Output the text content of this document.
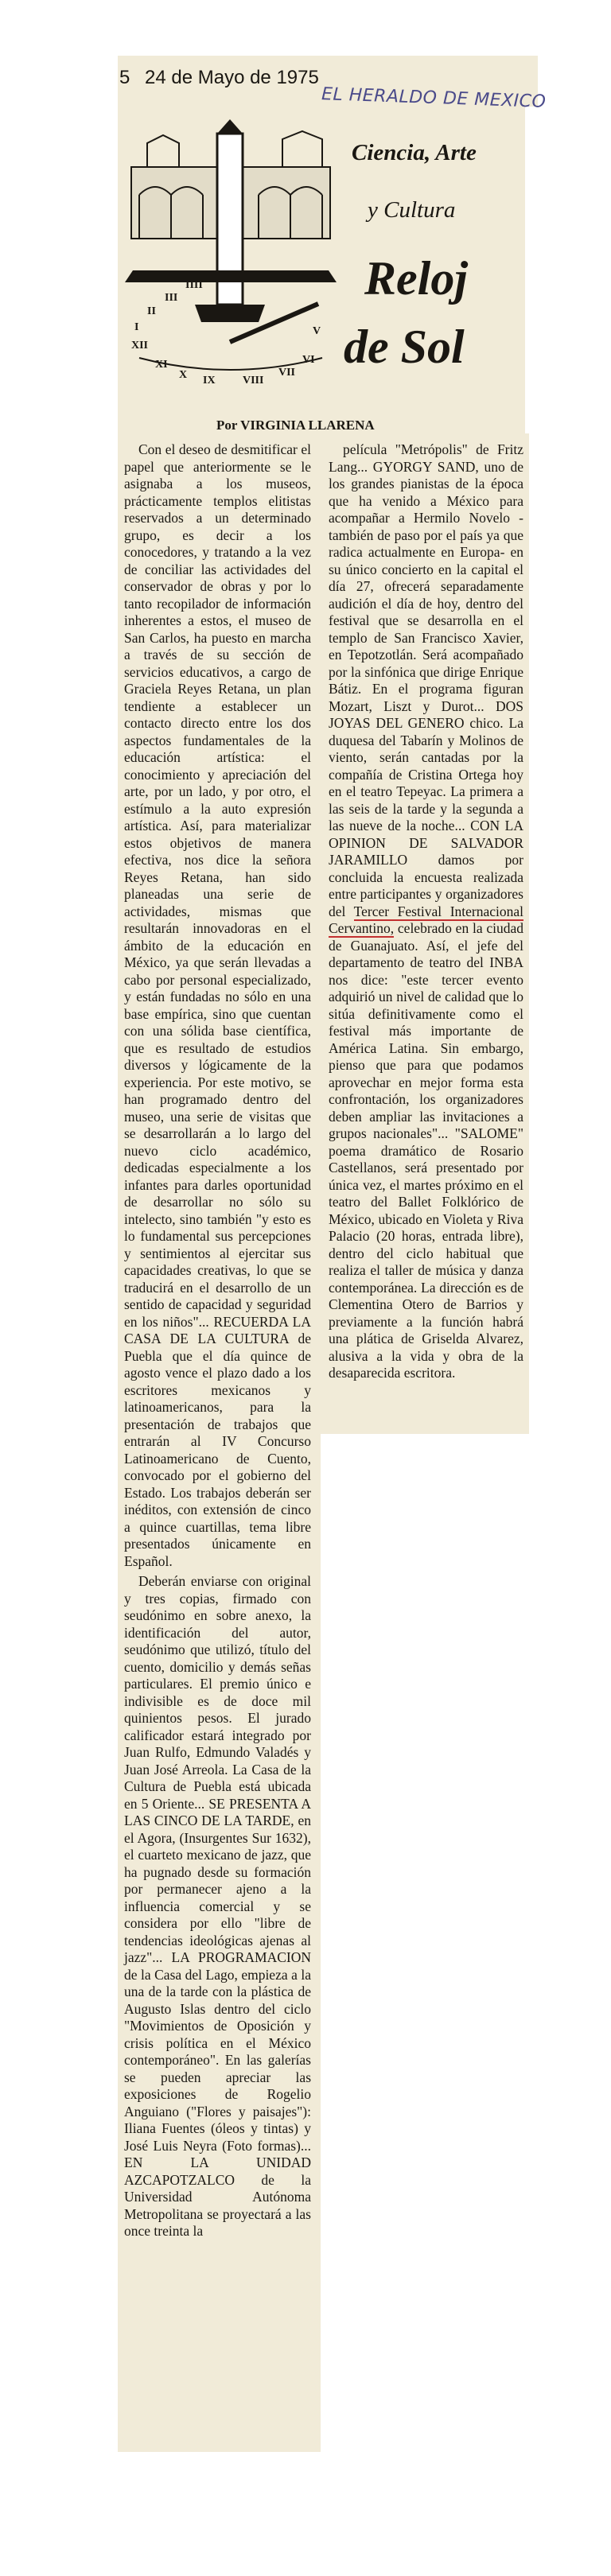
5 24 de Mayo de 1975
EL HERALDO DE MEXICO
IIII
III
II
I
XII
XI
X IX VIII
VII
VI
V
Ciencia, Arte
y Cultura
Reloj
de Sol
Por VIRGINIA LLARENA

Con el deseo de desmitificar el papel que anteriormente se le asignaba a los museos, prácticamente templos elitistas reservados a un determinado grupo, es decir a los conocedores, y tratando a la vez de conciliar las actividades del conservador de obras y por lo tanto recopilador de información inherentes a estos, el museo de San Carlos, ha puesto en marcha a través de su sección de servicios educativos, a cargo de Graciela Reyes Retana, un plan tendiente a establecer un contacto directo entre los dos aspectos fundamentales de la educación artística: el conocimiento y apreciación del arte, por un lado, y por otro, el estímulo a la auto expresión artística. Así, para materializar estos objetivos de manera efectiva, nos dice la señora Reyes Retana, han sido planeadas una serie de actividades, mismas que resultarán innovadoras en el ámbito de la educación en México, ya que serán llevadas a cabo por personal especializado, y están fundadas no sólo en una base empírica, sino que cuentan con una sólida base científica, que es resultado de estudios diversos y lógicamente de la experiencia. Por este motivo, se han programado dentro del museo, una serie de visitas que se desarrollarán a lo largo del nuevo ciclo académico, dedicadas especialmente a los infantes para darles oportunidad de desarrollar no sólo su intelecto, sino también "y esto es lo fundamental sus percepciones y sentimientos al ejercitar sus capacidades creativas, lo que se traducirá en el desarrollo de un sentido de capacidad y seguridad en los niños"... RECUERDA LA CASA DE LA CULTURA de Puebla que el día quince de agosto vence el plazo dado a los escritores mexicanos y latinoamericanos, para la presentación de trabajos que entrarán al IV Concurso Latinoamericano de Cuento, convocado por el gobierno del Estado. Los trabajos deberán ser inéditos, con extensión de cinco a quince cuartillas, tema libre presentados únicamente en Español.

Deberán enviarse con original y tres copias, firmado con seudónimo en sobre anexo, la identificación del autor, seudónimo que utilizó, título del cuento, domicilio y demás señas particulares. El premio único e indivisible es de doce mil quinientos pesos. El jurado calificador estará integrado por Juan Rulfo, Edmundo Valadés y Juan José Arreola. La Casa de la Cultura de Puebla está ubicada en 5 Oriente... SE PRESENTA A LAS CINCO DE LA TARDE, en el Agora, (Insurgentes Sur 1632), el cuarteto mexicano de jazz, que ha pugnado desde su formación por permanecer ajeno a la influencia comercial y se considera por ello "libre de tendencias ideológicas ajenas al jazz"... LA PROGRAMACION de la Casa del Lago, empieza a la una de la tarde con la plástica de Augusto Islas dentro del ciclo "Movimientos de Oposición y crisis política en el México contemporáneo". En las galerías se pueden apreciar las exposiciones de Rogelio Anguiano ("Flores y paisajes"): Iliana Fuentes (óleos y tintas) y José Luis Neyra (Foto formas)... EN LA UNIDAD AZCAPOTZALCO de la Universidad Autónoma Metropolitana se proyectará a las once treinta la

película "Metrópolis" de Fritz Lang... GYORGY SAND, uno de los grandes pianistas de la época que ha venido a México para acompañar a Hermilo Novelo -también de paso por el país ya que radica actualmente en Europa- en su único concierto en la capital el día 27, ofrecerá separadamente audición el día de hoy, dentro del festival que se desarrolla en el templo de San Francisco Xavier, en Tepotzotlán. Será acompañado por la sinfónica que dirige Enrique Bátiz. En el programa figuran Mozart, Liszt y Durot... DOS JOYAS DEL GENERO chico. La duquesa del Tabarín y Molinos de viento, serán cantadas por la compañía de Cristina Ortega hoy en el teatro Tepeyac. La primera a las seis de la tarde y la segunda a las nueve de la noche... CON LA OPINION DE SALVADOR JARAMILLO damos por concluida la encuesta realizada entre participantes y organizadores del Tercer Festival Internacional Cervantino, celebrado en la ciudad de Guanajuato. Así, el jefe del departamento de teatro del INBA nos dice: "este tercer evento adquirió un nivel de calidad que lo sitúa definitivamente como el festival más importante de América Latina. Sin embargo, pienso que para que podamos aprovechar en mejor forma esta confrontación, los organizadores deben ampliar las invitaciones a grupos nacionales"... "SALOME" poema dramático de Rosario Castellanos, será presentado por única vez, el martes próximo en el teatro del Ballet Folklórico de México, ubicado en Violeta y Riva Palacio (20 horas, entrada libre), dentro del ciclo habitual que realiza el taller de música y danza contemporánea. La dirección es de Clementina Otero de Barrios y previamente a la función habrá una plática de Griselda Alvarez, alusiva a la vida y obra de la desaparecida escritora.
